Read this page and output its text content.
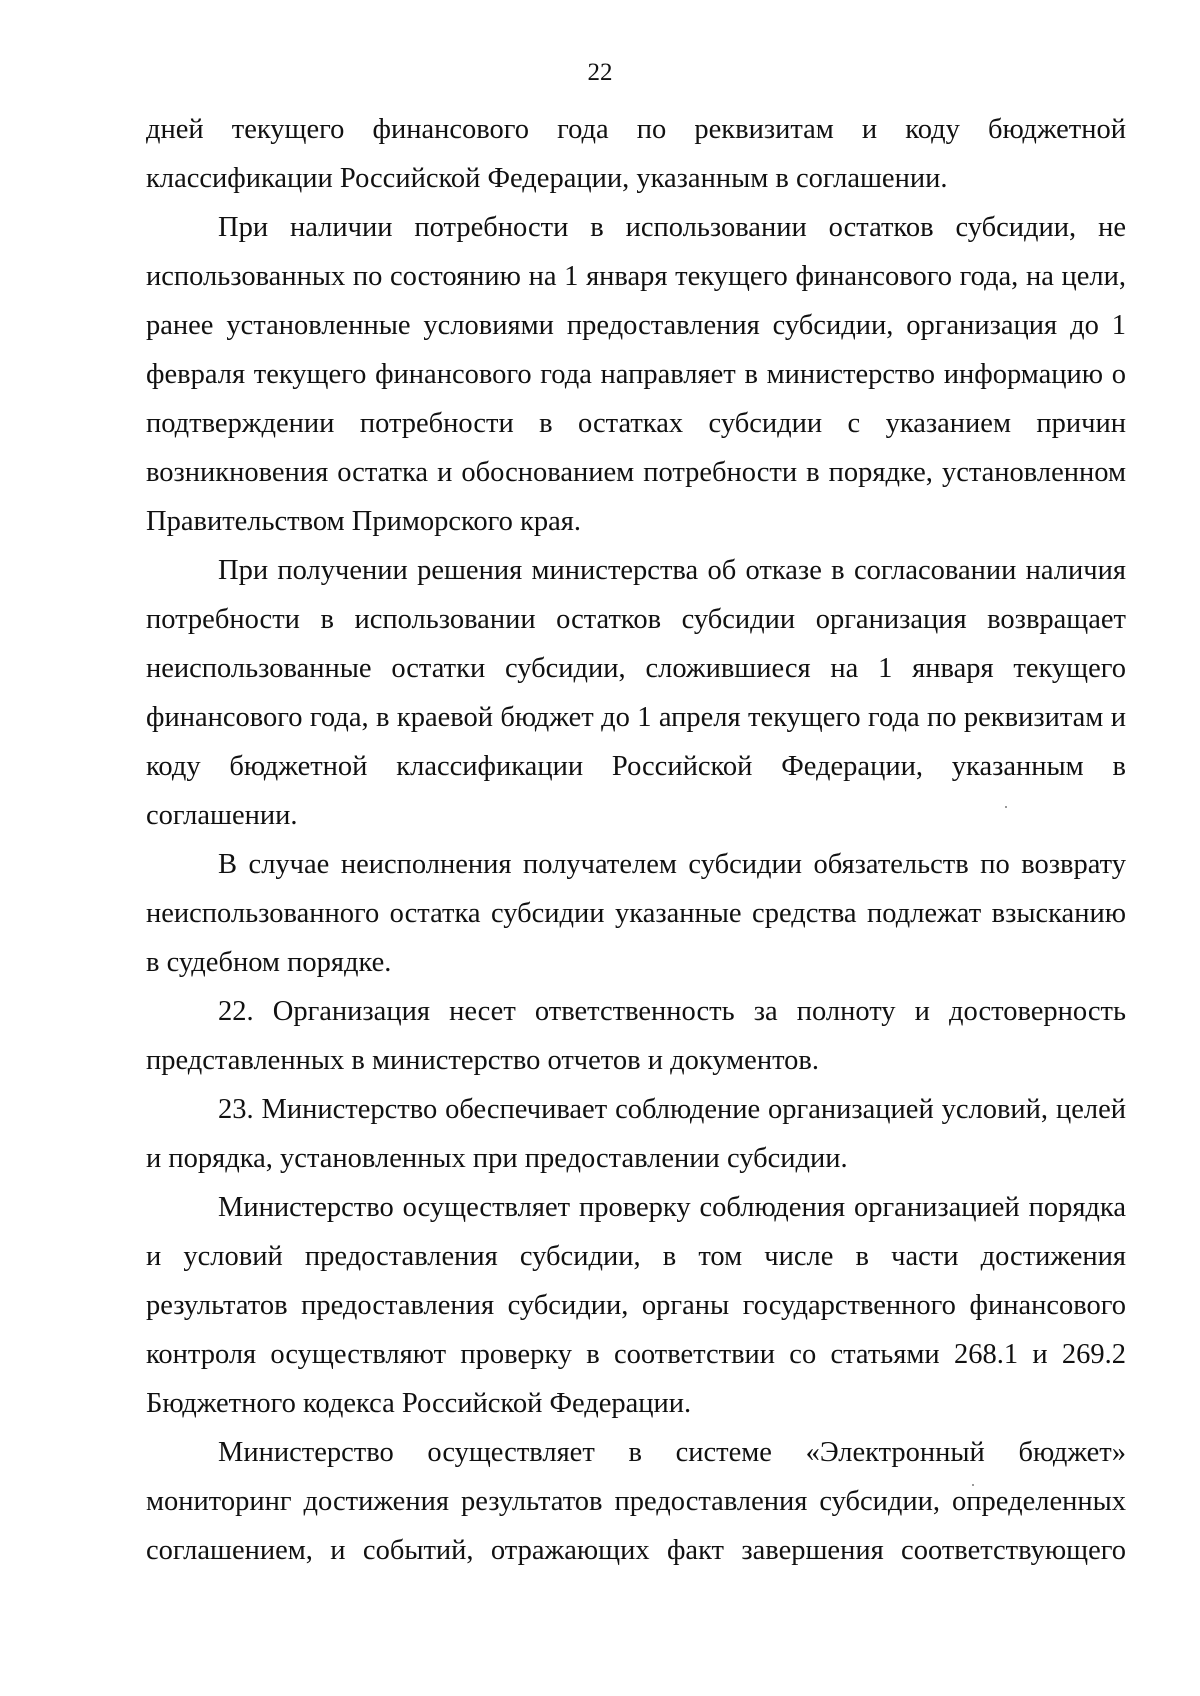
22

дней текущего финансового года по реквизитам и коду бюджетной классификации Российской Федерации, указанным в соглашении.

При наличии потребности в использовании остатков субсидии, не использованных по состоянию на 1 января текущего финансового года, на цели, ранее установленные условиями предоставления субсидии, организация до 1 февраля текущего финансового года направляет в министерство информацию о подтверждении потребности в остатках субсидии с указанием причин возникновения остатка и обоснованием потребности в порядке, установленном Правительством Приморского края.

При получении решения министерства об отказе в согласовании наличия потребности в использовании остатков субсидии организация возвращает неиспользованные остатки субсидии, сложившиеся на 1 января текущего финансового года, в краевой бюджет до 1 апреля текущего года по реквизитам и коду бюджетной классификации Российской Федерации, указанным в соглашении.

В случае неисполнения получателем субсидии обязательств по возврату неиспользованного остатка субсидии указанные средства подлежат взысканию в судебном порядке.

22. Организация несет ответственность за полноту и достоверность представленных в министерство отчетов и документов.

23. Министерство обеспечивает соблюдение организацией условий, целей и порядка, установленных при предоставлении субсидии.

Министерство осуществляет проверку соблюдения организацией порядка и условий предоставления субсидии, в том числе в части достижения результатов предоставления субсидии, органы государственного финансового контроля осуществляют проверку в соответствии со статьями 268.1 и 269.2 Бюджетного кодекса Российской Федерации.

Министерство осуществляет в системе «Электронный бюджет» мониторинг достижения результатов предоставления субсидии, определенных соглашением, и событий, отражающих факт завершения соответствующего
